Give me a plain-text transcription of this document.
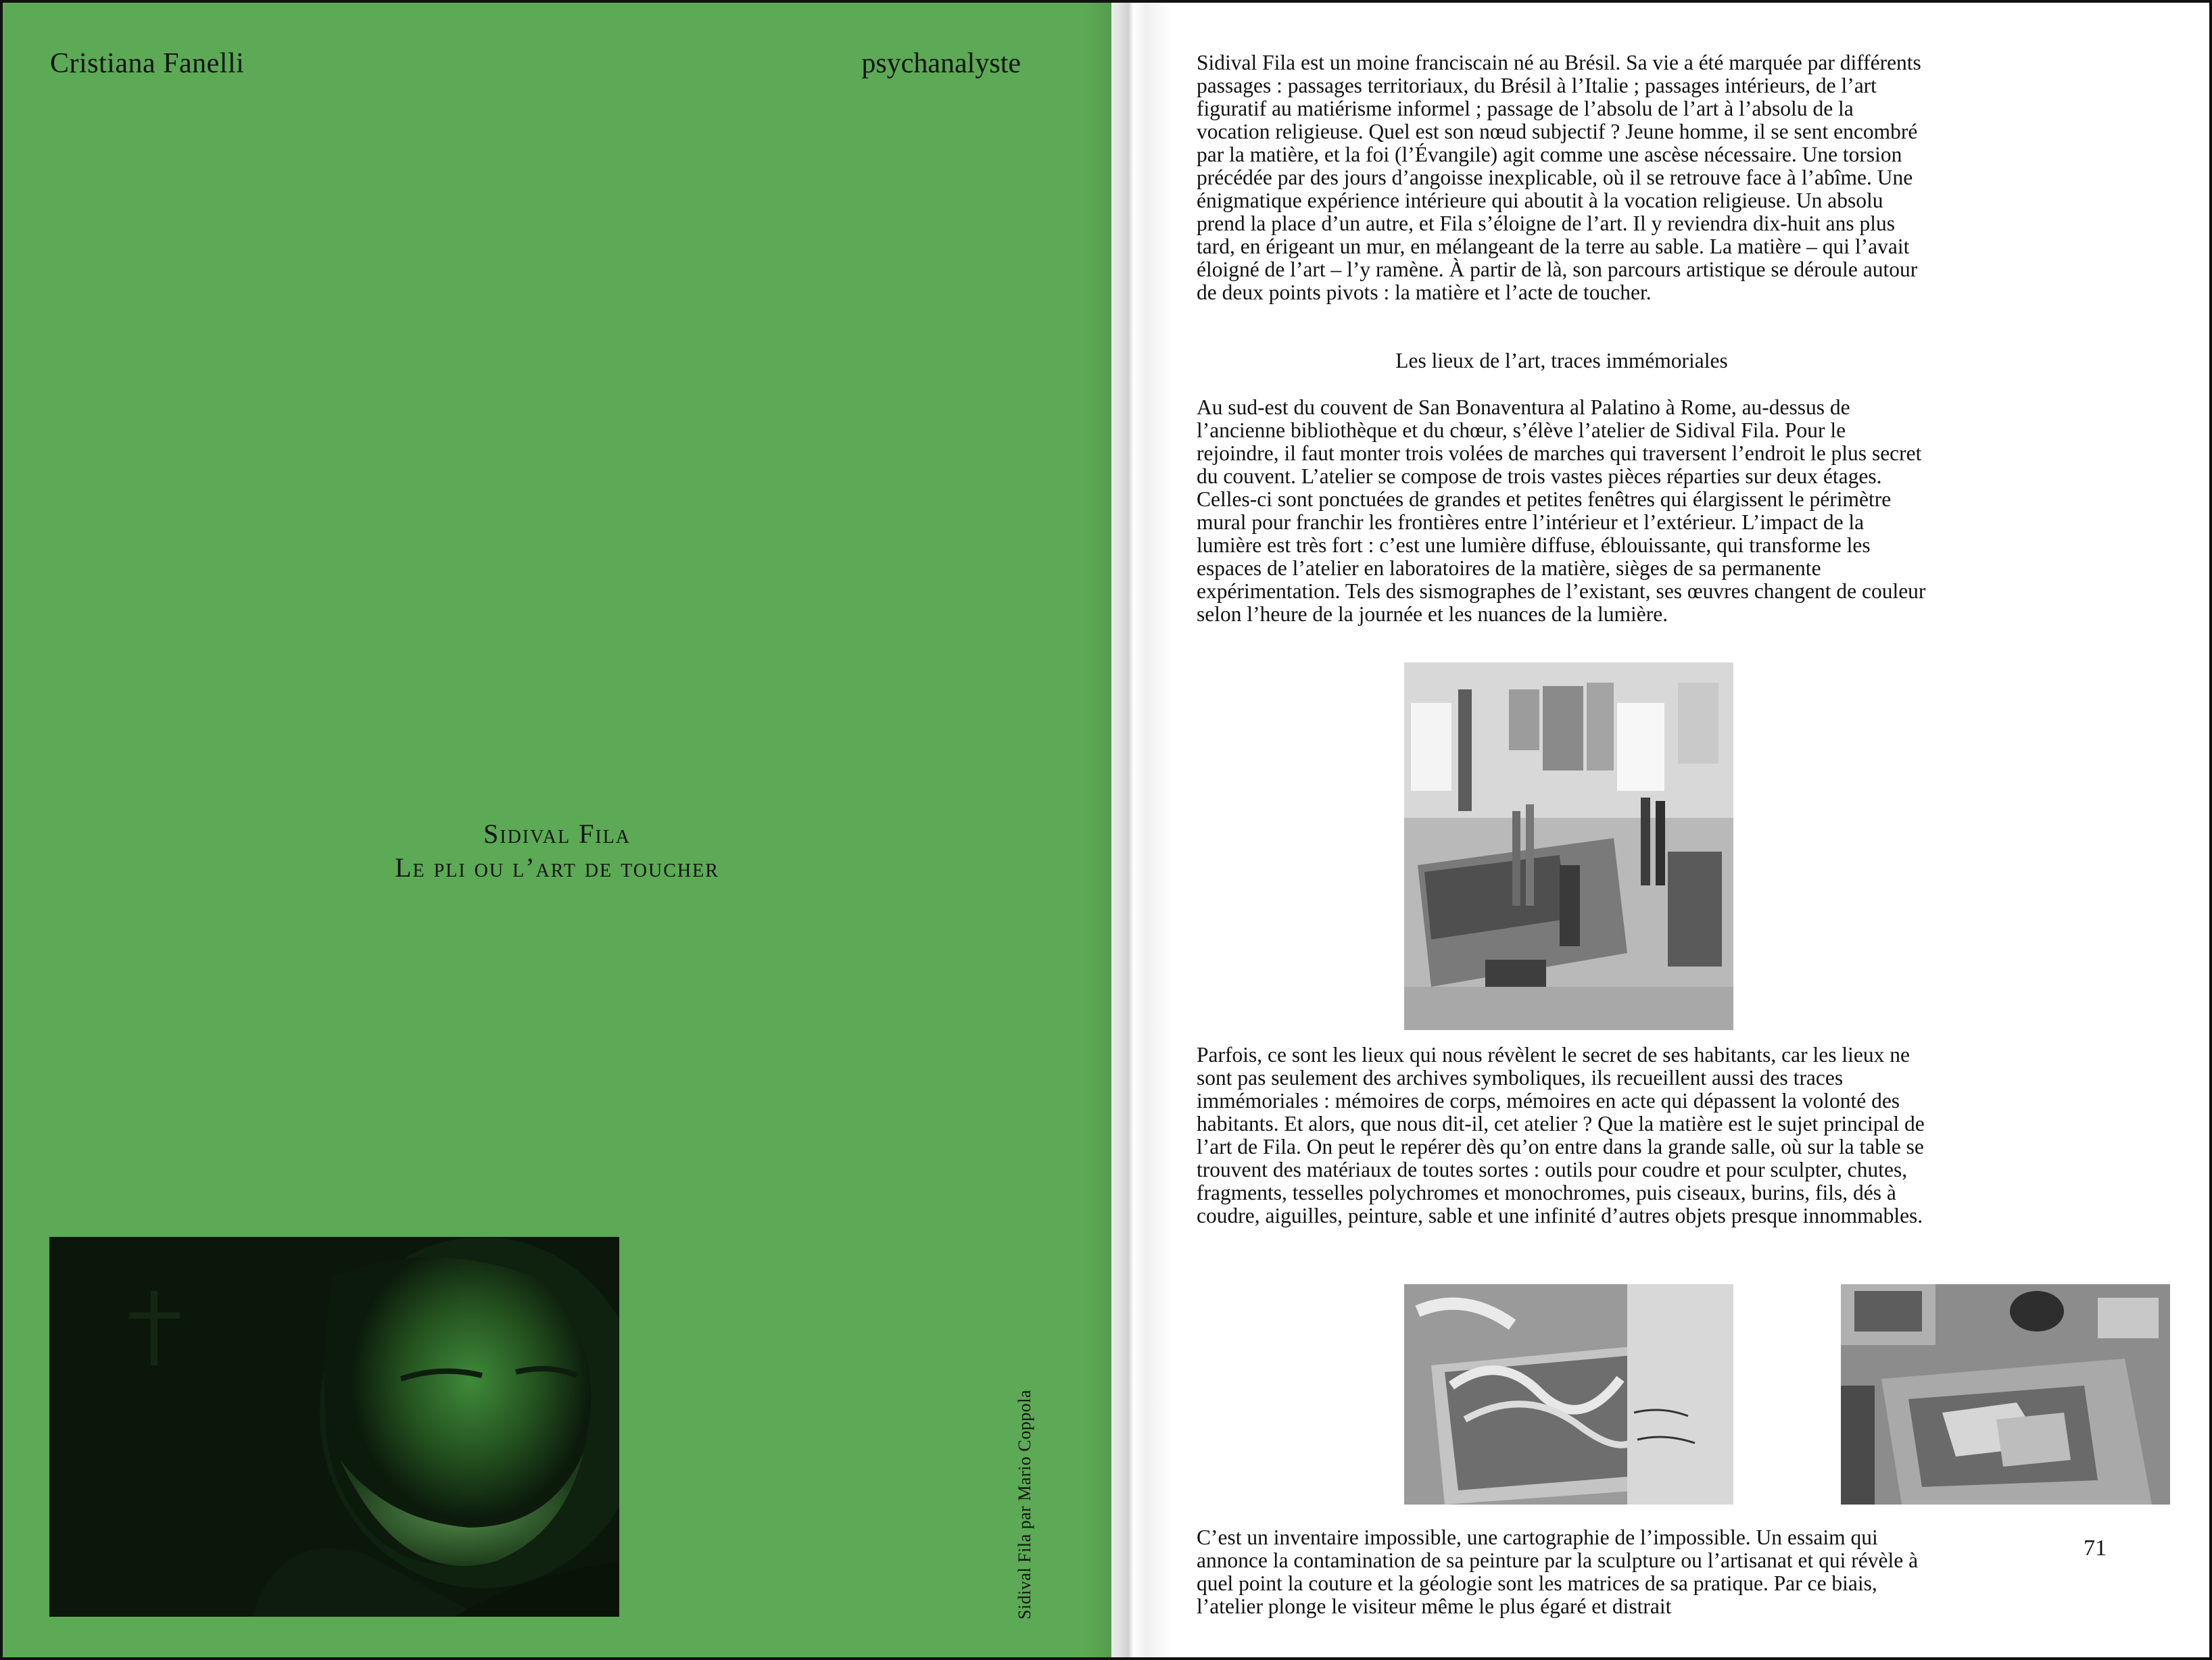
Cristiana Fanelli	psychanalyste
Sidival Fila
Le pli ou l’art de toucher
Sidival Fila par Mario Coppola

Sidival Fila est un moine franciscain né au Brésil. Sa vie a été marquée par différents passages : passages territoriaux, du Brésil à l’Italie ; passages intérieurs, de l’art figuratif au matiérisme informel ; passage de l’absolu de l’art à l’absolu de la vocation religieuse. Quel est son nœud subjectif ? Jeune homme, il se sent encombré par la matière, et la foi (l’Évangile) agit comme une ascèse nécessaire. Une torsion précédée par des jours d’angoisse inexplicable, où il se retrouve face à l’abîme. Une énigmatique expérience intérieure qui aboutit à la vocation religieuse. Un absolu prend la place d’un autre, et Fila s’éloigne de l’art. Il y reviendra dix-huit ans plus tard, en érigeant un mur, en mélangeant de la terre au sable. La matière – qui l’avait éloigné de l’art – l’y ramène. À partir de là, son parcours artistique se déroule autour de deux points pivots : la matière et l’acte de toucher.

Les lieux de l’art, traces immémoriales

Au sud-est du couvent de San Bonaventura al Palatino à Rome, au-dessus de l’ancienne bibliothèque et du chœur, s’élève l’atelier de Sidival Fila. Pour le rejoindre, il faut monter trois volées de marches qui traversent l’endroit le plus secret du couvent. L’atelier se compose de trois vastes pièces réparties sur deux étages. Celles-ci sont ponctuées de grandes et petites fenêtres qui élargissent le périmètre mural pour franchir les frontières entre l’intérieur et l’extérieur. L’impact de la lumière est très fort : c’est une lumière diffuse, éblouissante, qui transforme les espaces de l’atelier en laboratoires de la matière, sièges de sa permanente expérimentation. Tels des sismographes de l’existant, ses œuvres changent de couleur selon l’heure de la journée et les nuances de la lumière.

Parfois, ce sont les lieux qui nous révèlent le secret de ses habitants, car les lieux ne sont pas seulement des archives symboliques, ils recueillent aussi des traces immémoriales : mémoires de corps, mémoires en acte qui dépassent la volonté des habitants. Et alors, que nous dit-il, cet atelier ? Que la matière est le sujet principal de l’art de Fila. On peut le repérer dès qu’on entre dans la grande salle, où sur la table se trouvent des matériaux de toutes sortes : outils pour coudre et pour sculpter, chutes, fragments, tesselles polychromes et monochromes, puis ciseaux, burins, fils, dés à coudre, aiguilles, peinture, sable et une infinité d’autres objets presque innommables.

C’est un inventaire impossible, une cartographie de l’impossible. Un essaim qui annonce la contamination de sa peinture par la sculpture ou l’artisanat et qui révèle à quel point la couture et la géologie sont les matrices de sa pratique. Par ce biais, l’atelier plonge le visiteur même le plus égaré et distrait

71
